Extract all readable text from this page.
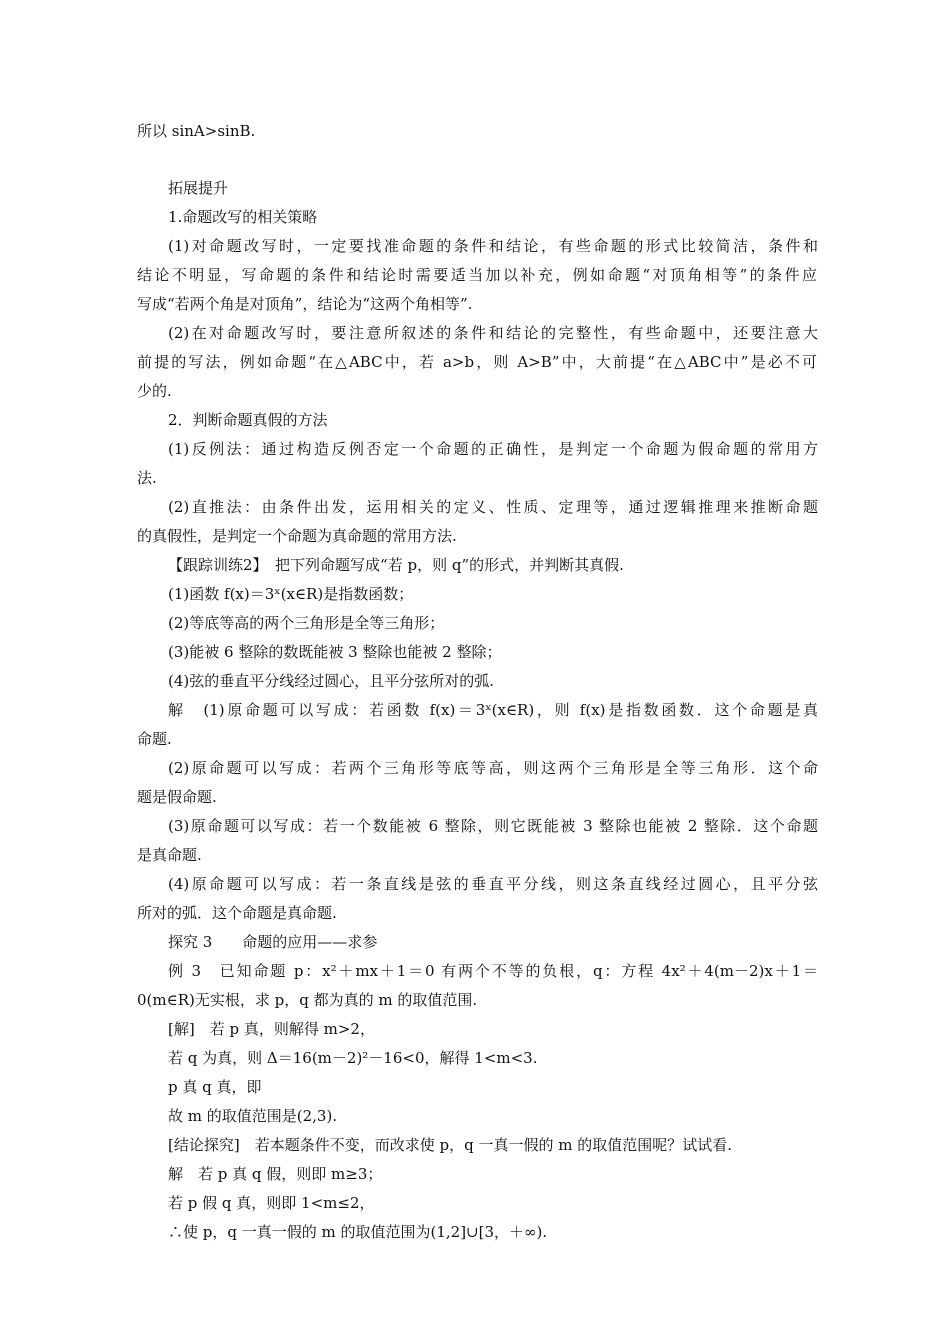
所以 sinA>sinB.
拓展提升
1.命题改写的相关策略
(1)对命题改写时，一定要找准命题的条件和结论，有些命题的形式比较简洁，条件和
结论不明显，写命题的条件和结论时需要适当加以补充，例如命题“对顶角相等”的条件应
写成“若两个角是对顶角”，结论为“这两个角相等”.
(2)在对命题改写时，要注意所叙述的条件和结论的完整性，有些命题中，还要注意大
前提的写法，例如命题“在△ABC中，若 a>b，则 A>B”中，大前提“在△ABC中”是必不可
少的.
2．判断命题真假的方法
(1)反例法：通过构造反例否定一个命题的正确性，是判定一个命题为假命题的常用方
法.
(2)直推法：由条件出发，运用相关的定义、性质、定理等，通过逻辑推理来推断命题
的真假性，是判定一个命题为真命题的常用方法.
【跟踪训练2】　把下列命题写成“若 p，则 q”的形式，并判断其真假.
(1)函数 f(x)＝3ˣ(x∈R)是指数函数；
(2)等底等高的两个三角形是全等三角形；
(3)能被 6 整除的数既能被 3 整除也能被 2 整除；
(4)弦的垂直平分线经过圆心，且平分弦所对的弧.
解　(1)原命题可以写成：若函数 f(x)＝3ˣ(x∈R)，则 f(x)是指数函数．这个命题是真
命题.
(2)原命题可以写成：若两个三角形等底等高，则这两个三角形是全等三角形．这个命
题是假命题.
(3)原命题可以写成：若一个数能被 6 整除，则它既能被 3 整除也能被 2 整除．这个命题
是真命题.
(4)原命题可以写成：若一条直线是弦的垂直平分线，则这条直线经过圆心，且平分弦
所对的弧．这个命题是真命题.
探究 3　　命题的应用——求参
例 3　已知命题 p：x²＋mx＋1＝0 有两个不等的负根，q：方程 4x²＋4(m－2)x＋1＝
0(m∈R)无实根，求 p，q 都为真的 m 的取值范围.
[解]　若 p 真，则解得 m>2，
若 q 为真，则 Δ＝16(m－2)²－16<0，解得 1<m<3.
p 真 q 真，即
故 m 的取值范围是(2,3).
[结论探究]　若本题条件不变，而改求使 p，q 一真一假的 m 的取值范围呢？试试看.
解　若 p 真 q 假，则即 m≥3；
若 p 假 q 真，则即 1<m≤2，
∴使 p，q 一真一假的 m 的取值范围为(1,2]∪[3，＋∞).
